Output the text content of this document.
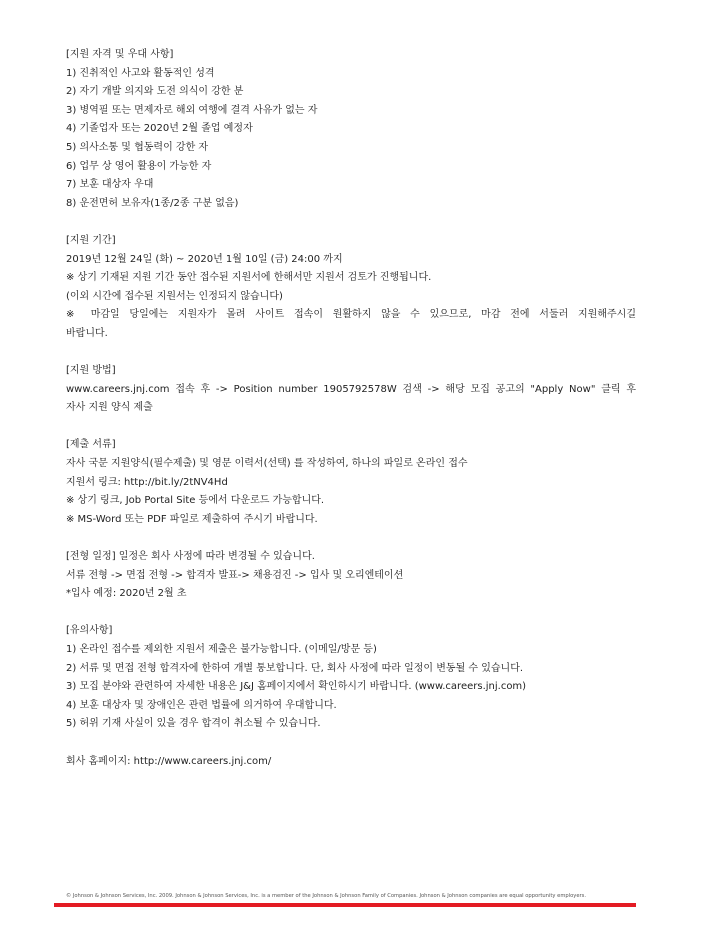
[지원 자격 및 우대 사항]
1) 진취적인 사고와 활동적인 성격
2) 자기 개발 의지와 도전 의식이 강한 분
3) 병역필 또는 면제자로 해외 여행에 결격 사유가 없는 자
4) 기졸업자 또는 2020년 2월 졸업 예정자
5) 의사소통 및 협동력이 강한 자
6) 업무 상 영어 활용이 가능한 자
7) 보훈 대상자 우대
8) 운전면허 보유자(1종/2종 구분 없음)
[지원 기간]
2019년 12월 24일 (화) ~ 2020년 1월 10일 (금) 24:00 까지
※ 상기 기재된 지원 기간 동안 접수된 지원서에 한해서만 지원서 검토가 진행됩니다.
(이외 시간에 접수된 지원서는 인정되지 않습니다)
※ 마감일 당일에는 지원자가 몰려 사이트 접속이 원활하지 않을 수 있으므로, 마감 전에 서둘러 지원해주시길
바랍니다.
[지원 방법]
www.careers.jnj.com 접속 후 -> Position number 1905792578W 검색 -> 해당 모집 공고의 "Apply Now" 클릭 후
자사 지원 양식 제출
[제출 서류]
자사 국문 지원양식(필수제출) 및 영문 이력서(선택) 를 작성하여, 하나의 파일로 온라인 접수
지원서 링크: http://bit.ly/2tNV4Hd
※ 상기 링크, Job Portal Site 등에서 다운로드 가능합니다.
※ MS-Word 또는 PDF 파일로 제출하여 주시기 바랍니다.
[전형 일정] 일정은 회사 사정에 따라 변경될 수 있습니다.
서류 전형 -> 면접 전형 -> 합격자 발표-> 채용검진 -> 입사 및 오리엔테이션
*입사 예정: 2020년 2월 초
[유의사항]
1) 온라인 접수를 제외한 지원서 제출은 불가능합니다. (이메일/방문 등)
2) 서류 및 면접 전형 합격자에 한하여 개별 통보합니다. 단, 회사 사정에 따라 일정이 변동될 수 있습니다.
3) 모집 분야와 관련하여 자세한 내용은 J&J 홈페이지에서 확인하시기 바랍니다. (www.careers.jnj.com)
4) 보훈 대상자 및 장애인은 관련 법률에 의거하여 우대합니다.
5) 허위 기재 사실이 있을 경우 합격이 취소될 수 있습니다.
회사 홈페이지: http://www.careers.jnj.com/
© Johnson & Johnson Services, Inc. 2009. Johnson & Johnson Services, Inc. is a member of the Johnson & Johnson Family of Companies. Johnson & Johnson companies are equal opportunity employers.
